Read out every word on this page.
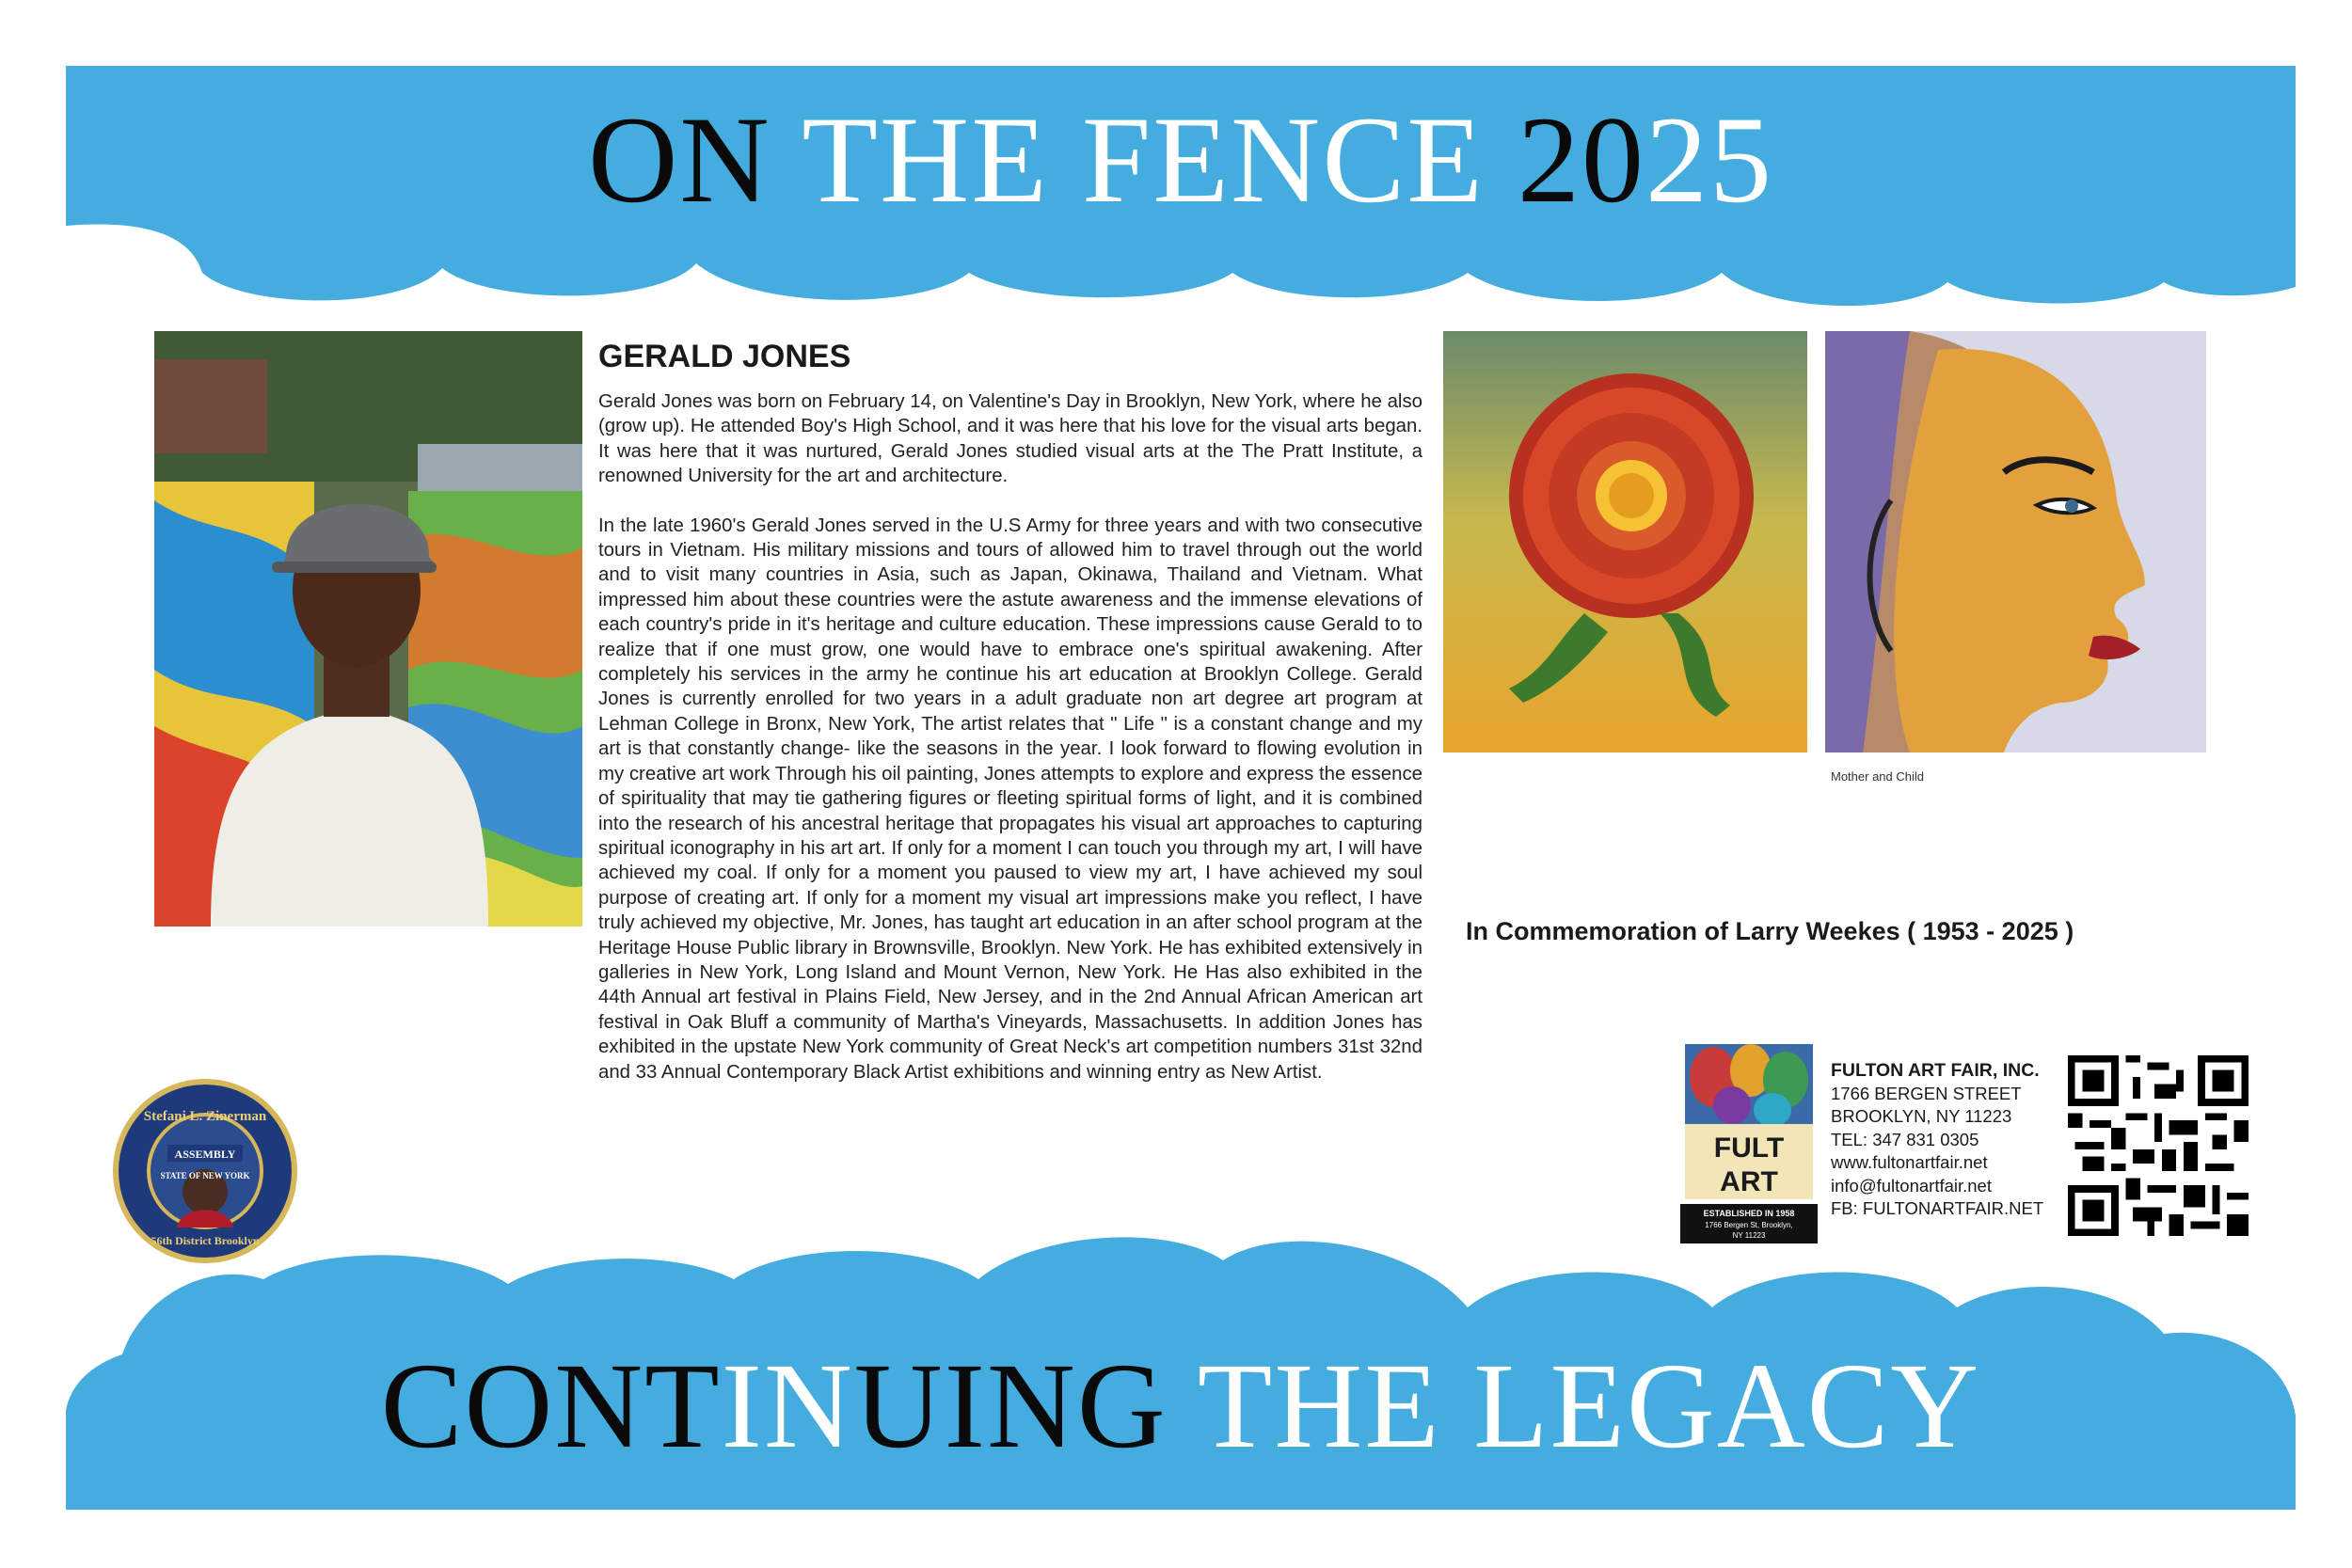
ON THE FENCE 2025
CONTINUING THE LEGACY
GERALD JONES

Gerald Jones was born on February 14, on Valentine's Day in Brooklyn, New York, where he also (grow up). He attended Boy's High School, and it was here that his love for the visual arts began. It was here that it was nurtured, Gerald Jones studied visual arts at the The Pratt Institute, a renowned University for the art and architecture.

In the late 1960's Gerald Jones served in the U.S Army for three years and with two consecutive tours in Vietnam. His military missions and tours of allowed him to travel through out the world and to visit many countries in Asia, such as Japan, Okinawa, Thailand and Vietnam. What impressed him about these countries were the astute awareness and the immense elevations of each country's pride in it's heritage and culture education. These impressions cause Gerald to to realize that if one must grow, one would have to embrace one's spiritual awakening. After completely his services in the army he continue his art education at Brooklyn College. Gerald Jones is currently enrolled for two years in a adult graduate non art degree art program at Lehman College in Bronx, New York, The artist relates that " Life " is a constant change and my art is that constantly change- like the seasons in the year. I look forward to flowing evolution in my creative art work Through his oil painting, Jones attempts to explore and express the essence of spirituality that may tie gathering figures or fleeting spiritual forms of light, and it is combined into the research of his ancestral heritage that propagates his visual art approaches to capturing spiritual iconography in his art art. If only for a moment I can touch you through my art, I will have achieved my coal. If only for a moment you paused to view my art, I have achieved my soul purpose of creating art. If only for a moment my visual art impressions make you reflect, I have truly achieved my objective, Mr. Jones, has taught art education in an after school program at the Heritage House Public library in Brownsville, Brooklyn. New York. He has exhibited extensively in galleries in New York, Long Island and Mount Vernon, New York. He Has also exhibited in the 44th Annual art festival in Plains Field, New Jersey, and in the 2nd Annual African American art festival in Oak Bluff a community of Martha's Vineyards, Massachusetts. In addition Jones has exhibited in the upstate New York community of Great Neck's art competition numbers 31st 32nd and 33 Annual Contemporary Black Artist exhibitions and winning entry as New Artist.

Mother and Child
In Commemoration of Larry Weekes ( 1953 - 2025 )
ASSEMBLY
Stefani L. Zinerman
STATE OF NEW YORK
56th District Brooklyn
FULT
ART
ESTABLISHED IN 1958
1766 Bergen St, Brooklyn,
NY 11223
FULTON ART FAIR, INC.
1766 BERGEN STREET
BROOKLYN, NY 11223
TEL: 347 831 0305
www.fultonartfair.net
info@fultonartfair.net
FB: FULTONARTFAIR.NET
